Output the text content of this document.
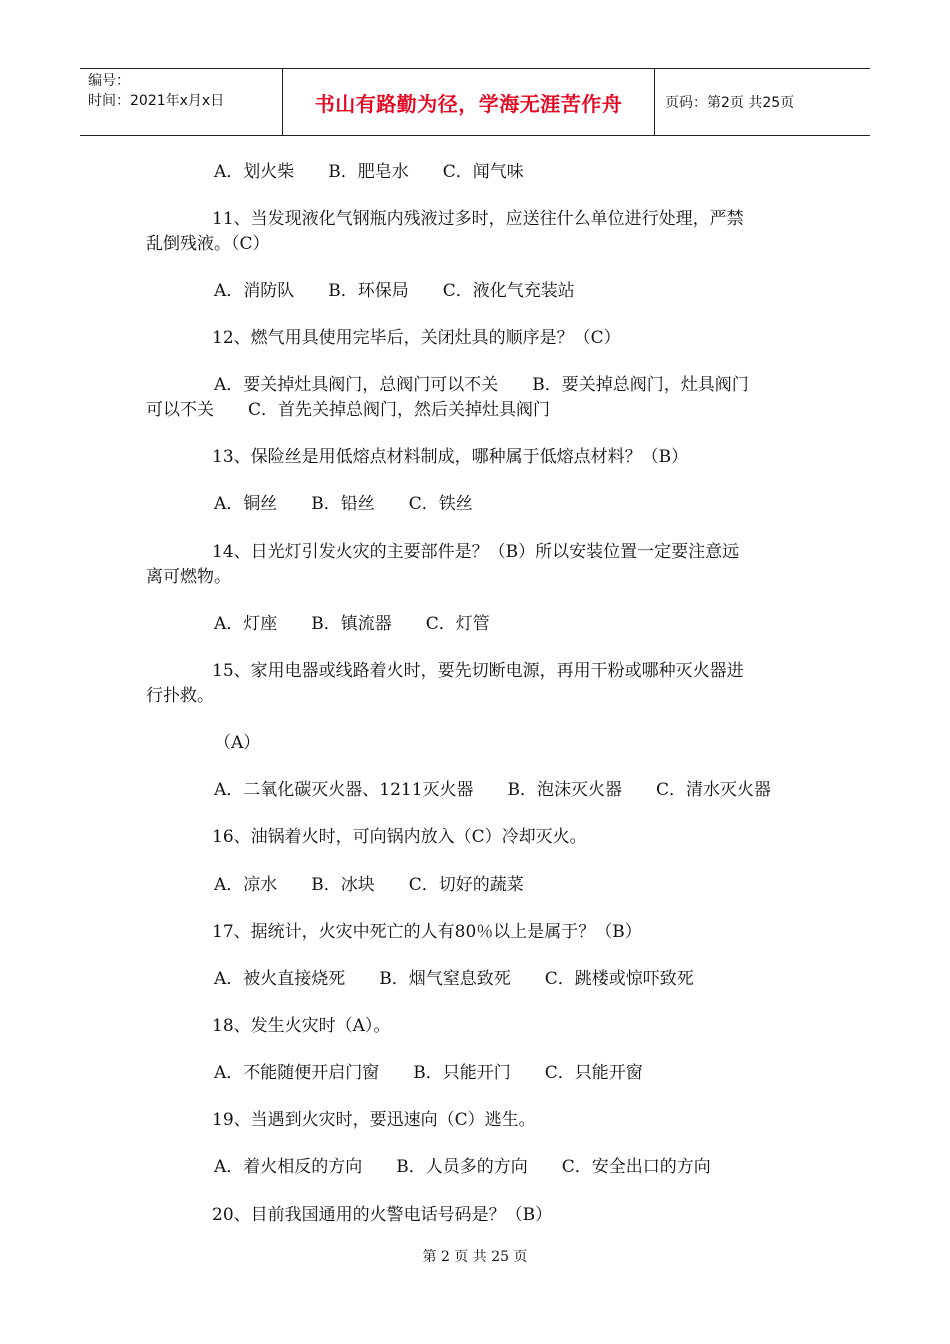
编号：
时间：2021年x月x日	书山有路勤为径，学海无涯苦作舟	页码：第2页 共25页
A．划火柴　　B．肥皂水　　C．闻气味
11、当发现液化气钢瓶内残液过多时，应送往什么单位进行处理，严禁
乱倒残液。（C）
A．消防队　　B．环保局　　C．液化气充装站
12、燃气用具使用完毕后，关闭灶具的顺序是？（C）
A．要关掉灶具阀门，总阀门可以不关　　B．要关掉总阀门，灶具阀门
可以不关　　C．首先关掉总阀门，然后关掉灶具阀门
13、保险丝是用低熔点材料制成，哪种属于低熔点材料？（B）
A．铜丝　　B．铅丝　　C．铁丝
14、日光灯引发火灾的主要部件是？（B）所以安装位置一定要注意远
离可燃物。
A．灯座　　B．镇流器　　C．灯管
15、家用电器或线路着火时，要先切断电源，再用干粉或哪种灭火器进
行扑救。
（A）
A．二氧化碳灭火器、1211灭火器　　B．泡沫灭火器　　C．清水灭火器
16、油锅着火时，可向锅内放入（C）冷却灭火。
A．凉水　　B．冰块　　C．切好的蔬菜
17、据统计，火灾中死亡的人有80％以上是属于？（B）
A．被火直接烧死　　B．烟气窒息致死　　C．跳楼或惊吓致死
18、发生火灾时（A）。
A．不能随便开启门窗　　B．只能开门　　C．只能开窗
19、当遇到火灾时，要迅速向（C）逃生。
A．着火相反的方向　　B．人员多的方向　　C．安全出口的方向
20、目前我国通用的火警电话号码是？（B）
第 2 页 共 25 页
